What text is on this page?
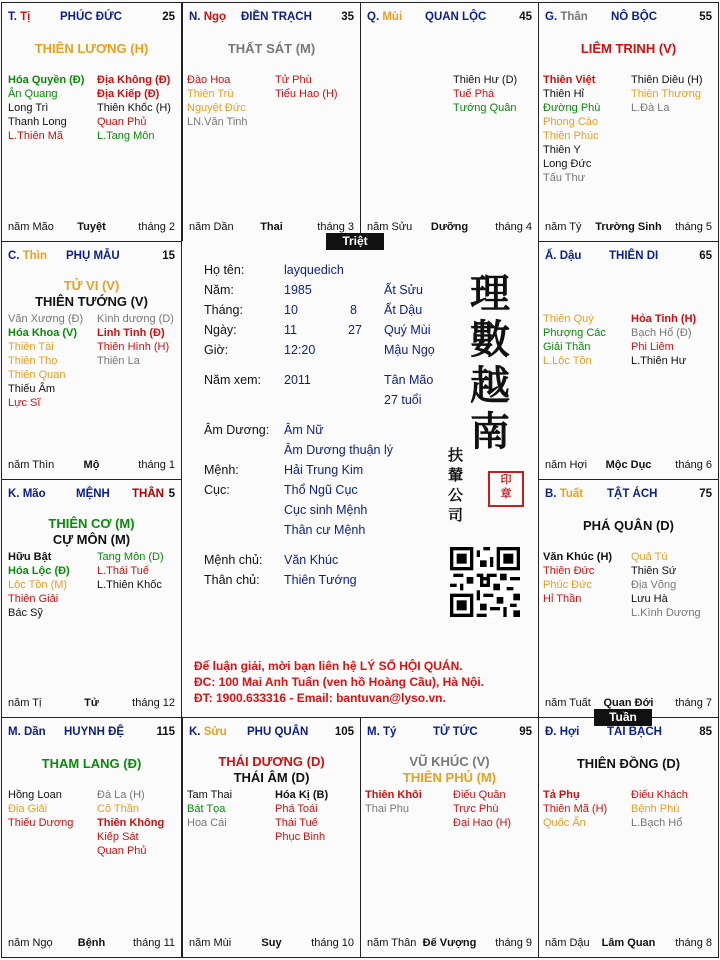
T. Tị	PHÚC ĐỨC	25
THIÊN LƯƠNG (H)
Hóa Quyền (Đ)
Ân Quang
Long Trì
Thanh Long
L.Thiên Mã
Địa Không (Đ)
Địa Kiếp (Đ)
Thiên Khốc (H)
Quan Phủ
L.Tang Môn
năm Mão	Tuyệt	tháng 2
N. Ngọ ĐIỀN TRẠCH	35
THẤT SÁT (M)
Đào Hoa
Thiên Trù
Nguyệt Đức
LN.Văn Tinh
Tử Phù
Tiểu Hao (H)
năm Dần	Thai	tháng 3
Q. Mùi QUAN LỘC	45
Thiên Hư (D)
Tuế Phá
Tướng Quân
năm Sửu	Dưỡng	tháng 4
G. Thân NÔ BỘC	55
LIÊM TRINH (V)
Thiên Việt
Thiên Hỉ
Đường Phù
Phong Cáo
Thiên Phúc
Thiên Y
Long Đức
Tấu Thư
Thiên Diêu (H)
Thiên Thương
L.Đà La
năm Tý	Trường Sinh	tháng 5
C. Thìn PHỤ MẪU	15
TỬ VI (V)
THIÊN TƯỚNG (V)
Văn Xương (Đ)
Hóa Khoa (V)
Thiên Tài
Thiên Thọ
Thiên Quan
Thiếu Âm
Lực Sĩ
Kình dương (D)
Linh Tinh (Đ)
Thiên Hình (H)
Thiên La
năm Thìn	Mộ	tháng 1
Ấ. Dậu THIÊN DI	65
Thiên Quý
Phượng Các
Giải Thần
L.Lộc Tồn
Hỏa Tinh (H)
Bạch Hổ (Đ)
Phi Liêm
L.Thiên Hư
năm Hợi	Mộc Dục	tháng 6
K. Mão	MỆNH THÂN 5
THIÊN CƠ (M)
CỰ MÔN (M)
Hữu Bật
Hóa Lộc (Đ)
Lộc Tồn (M)
Thiên Giải
Bác Sỹ
Tang Môn (D)
L.Thái Tuế
L.Thiên Khốc
năm Tị	Tử	tháng 12
B. Tuất TẬT ÁCH	75
PHÁ QUÂN (D)
Văn Khúc (H)
Thiên Đức
Phúc Đức
Hỉ Thần
Quả Tú
Thiên Sứ
Địa Võng
Lưu Hà
L.Kình Dương
năm Tuất	Quan Đới	tháng 7
M. Dần HUYNH ĐỆ	115
THAM LANG (Đ)
Hồng Loan
Địa Giải
Thiếu Dương
Đà La (H)
Cô Thần
Thiên Không
Kiếp Sát
Quan Phủ
năm Ngọ	Bệnh	tháng 11
K. Sửu PHU QUÂN 105
THÁI DƯƠNG (D)
THÁI ÂM (D)
Tam Thai
Bát Tọa
Hoa Cái
Hóa Kị (B)
Phá Toái
Thái Tuế
Phục Binh
năm Mùi	Suy	tháng 10
M. Tý	TỬ TỨC	95
VŨ KHÚC (V)
THIÊN PHỦ (M)
Thiên Khôi
Thai Phụ
Điếu Quân
Trực Phù
Đại Hao (H)
năm Thân Đế Vượng	tháng 9
Đ. Hợi TÀI BẠCH	85
THIÊN ĐỒNG (D)
Tả Phụ
Thiên Mã (H)
Quốc Ấn
Điếu Khách
Bệnh Phù
L.Bạch Hổ
năm Dậu	Lâm Quan	tháng 8
Họ tên:	layquedich
Năm:	1985	Ất Sửu
Tháng:	10	8 Ất Dậu
Ngày:	11	27 Quý Mùi
Giờ:	12:20	Mậu Ngọ
Năm xem: 2011	Tân Mão
27 tuổi
Âm Dương: Âm Nữ
Âm Dương thuận lý
Mệnh:	Hải Trung Kim
Cục:	Thổ Ngũ Cục
Cục sinh Mệnh
Thân cư Mệnh
Mệnh chủ: Văn Khúc
Thân chủ: Thiên Tướng
理
數
越
南
扶
輦
公
司
印
章
Để luận giải, mời bạn liên hệ LÝ SỐ HỘI QUÁN.
ĐC: 100 Mai Anh Tuấn (ven hồ Hoàng Cầu), Hà Nội.
ĐT: 1900.633316 - Email: bantuvan@lyso.vn.
Triệt
Tuần
